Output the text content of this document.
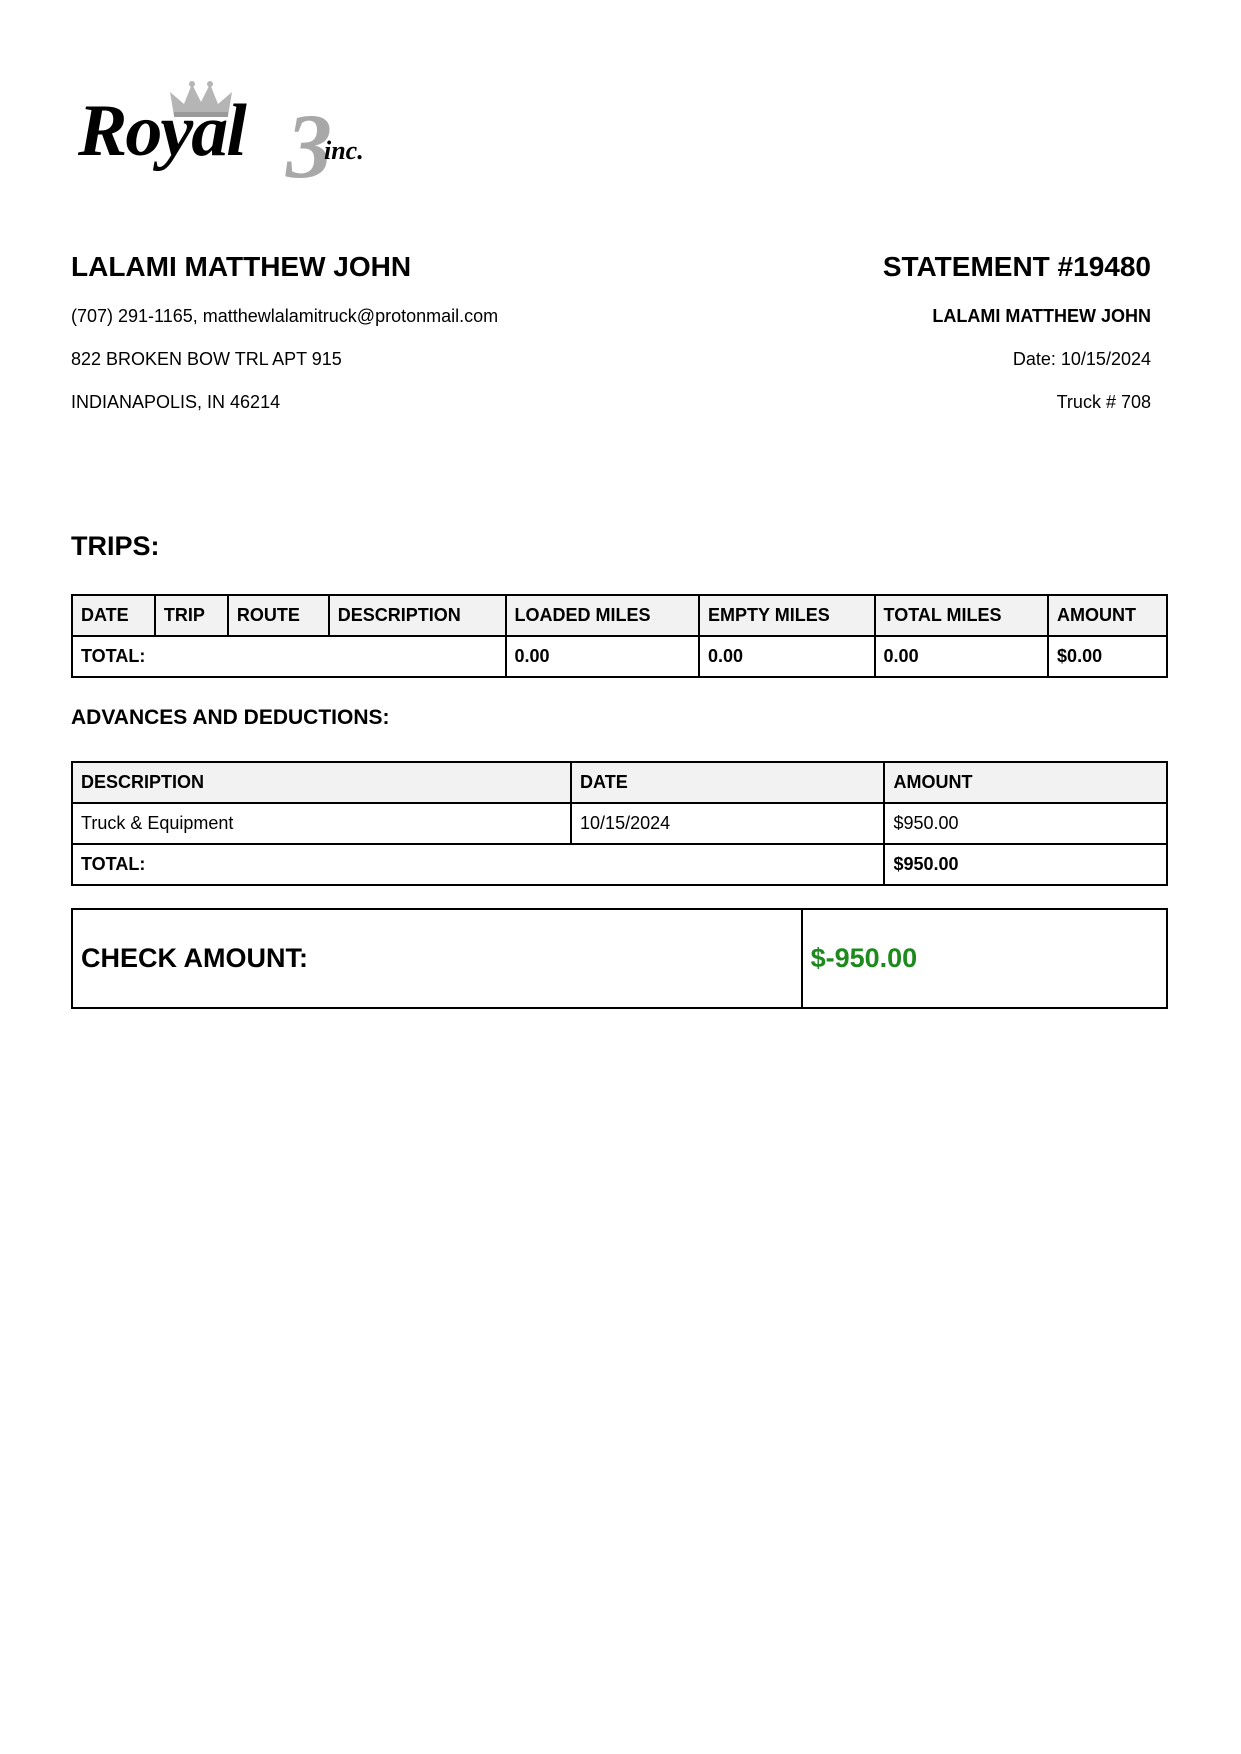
Royal 3
inc.
LALAMI MATTHEW JOHN
(707) 291-1165, matthewlalamitruck@protonmail.com
822 BROKEN BOW TRL APT 915
INDIANAPOLIS, IN 46214
STATEMENT #19480
LALAMI MATTHEW JOHN
Date: 10/15/2024
Truck # 708
TRIPS:
DATE	TRIP	ROUTE	DESCRIPTION	LOADED MILES	EMPTY MILES	TOTAL MILES	AMOUNT
TOTAL:				0.00	0.00	0.00	$0.00
ADVANCES AND DEDUCTIONS:
DESCRIPTION	DATE	AMOUNT
Truck & Equipment	10/15/2024	$950.00
TOTAL:		$950.00
CHECK AMOUNT:	$-950.00
